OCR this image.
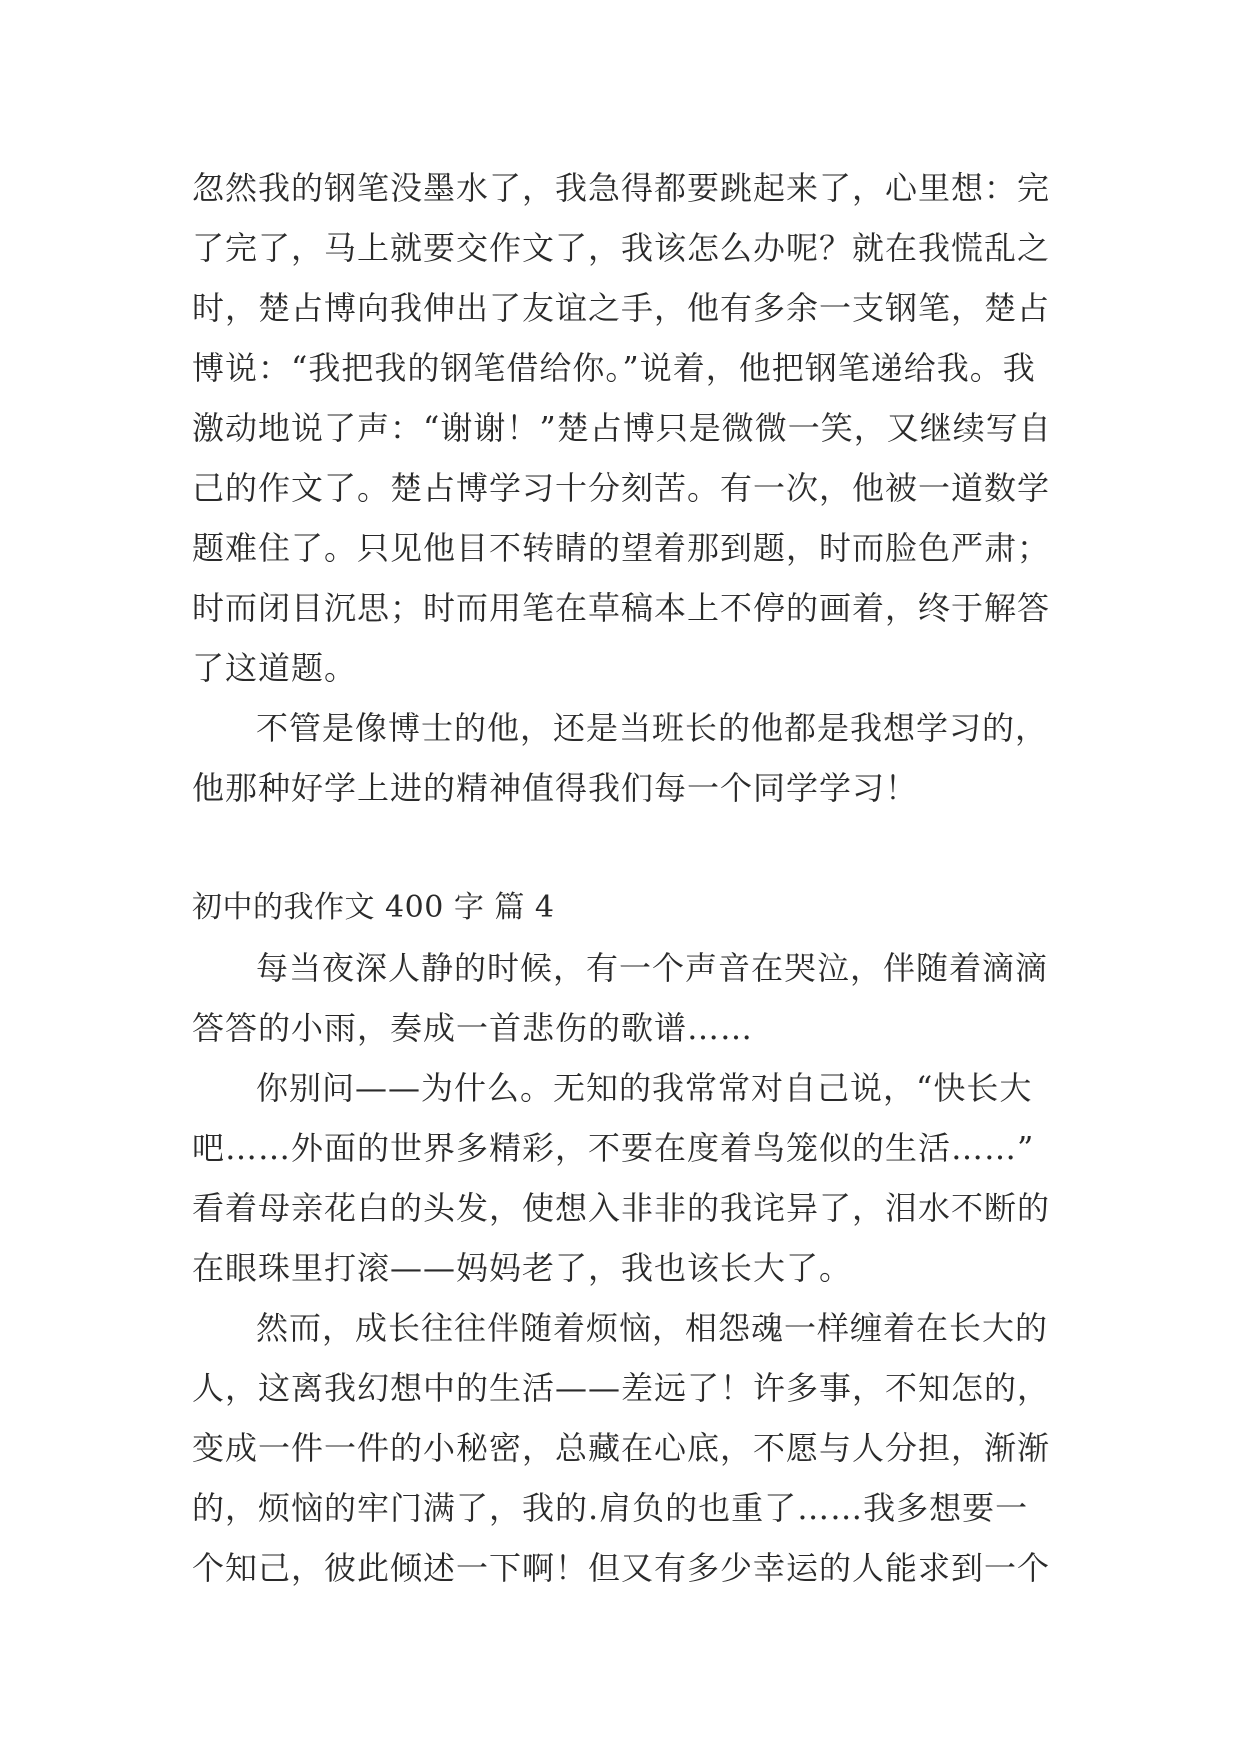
忽然我的钢笔没墨水了，我急得都要跳起来了，心里想：完
了完了，马上就要交作文了，我该怎么办呢？就在我慌乱之
时，楚占博向我伸出了友谊之手，他有多余一支钢笔，楚占
博说：“我把我的钢笔借给你。”说着，他把钢笔递给我。我
激动地说了声：“谢谢！”楚占博只是微微一笑，又继续写自
己的作文了。楚占博学习十分刻苦。有一次，他被一道数学
题难住了。只见他目不转睛的望着那到题，时而脸色严肃；
时而闭目沉思；时而用笔在草稿本上不停的画着，终于解答
了这道题。
不管是像博士的他，还是当班长的他都是我想学习的，
他那种好学上进的精神值得我们每一个同学学习！
初中的我作文 400 字 篇 4
每当夜深人静的时候，有一个声音在哭泣，伴随着滴滴
答答的小雨，奏成一首悲伤的歌谱……
你别问——为什么。无知的我常常对自己说，“快长大
吧……外面的世界多精彩，不要在度着鸟笼似的生活……”
看着母亲花白的头发，使想入非非的我诧异了，泪水不断的
在眼珠里打滚——妈妈老了，我也该长大了。
然而，成长往往伴随着烦恼，相怨魂一样缠着在长大的
人，这离我幻想中的生活——差远了！许多事，不知怎的，
变成一件一件的小秘密，总藏在心底，不愿与人分担，渐渐
的，烦恼的牢门满了，我的.肩负的也重了……我多想要一
个知己，彼此倾述一下啊！但又有多少幸运的人能求到一个
